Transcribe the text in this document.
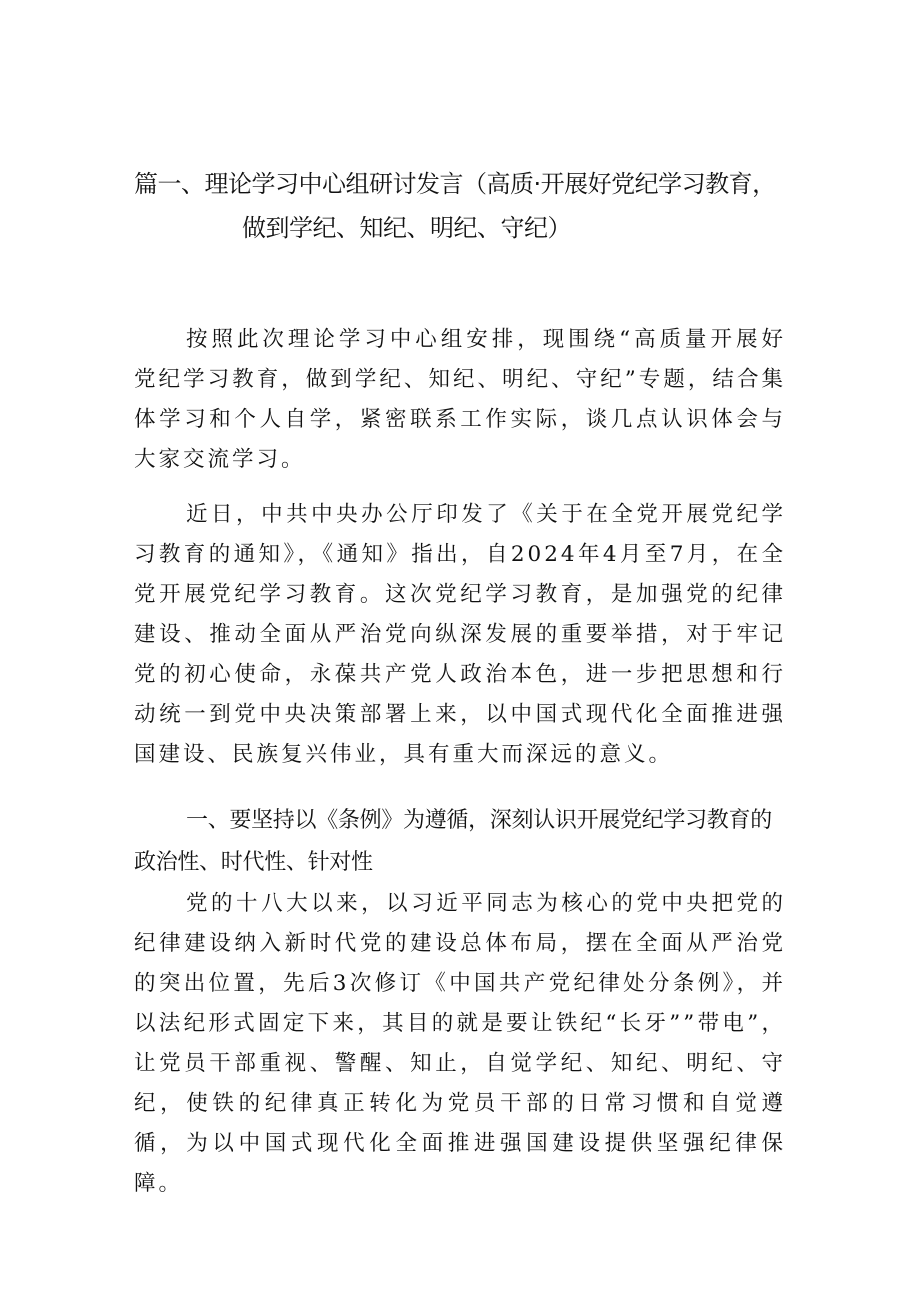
篇一、理论学习中心组研讨发言（高质·开展好党纪学习教育，
做到学纪、知纪、明纪、守纪）

按照此次理论学习中心组安排，现围绕“高质量开展好党纪学习教育，做到学纪、知纪、明纪、守纪”专题，结合集体学习和个人自学，紧密联系工作实际，谈几点认识体会与大家交流学习。

近日，中共中央办公厅印发了《关于在全党开展党纪学习教育的通知》，《通知》指出，自2024年4月至7月，在全党开展党纪学习教育。这次党纪学习教育，是加强党的纪律建设、推动全面从严治党向纵深发展的重要举措，对于牢记党的初心使命，永葆共产党人政治本色，进一步把思想和行动统一到党中央决策部署上来，以中国式现代化全面推进强国建设、民族复兴伟业，具有重大而深远的意义。

一、要坚持以《条例》为遵循，深刻认识开展党纪学习教育的政治性、时代性、针对性

党的十八大以来，以习近平同志为核心的党中央把党的纪律建设纳入新时代党的建设总体布局，摆在全面从严治党的突出位置，先后3次修订《中国共产党纪律处分条例》，并以法纪形式固定下来，其目的就是要让铁纪“长牙””带电”，让党员干部重视、警醒、知止，自觉学纪、知纪、明纪、守纪，使铁的纪律真正转化为党员干部的日常习惯和自觉遵循，为以中国式现代化全面推进强国建设提供坚强纪律保障。
